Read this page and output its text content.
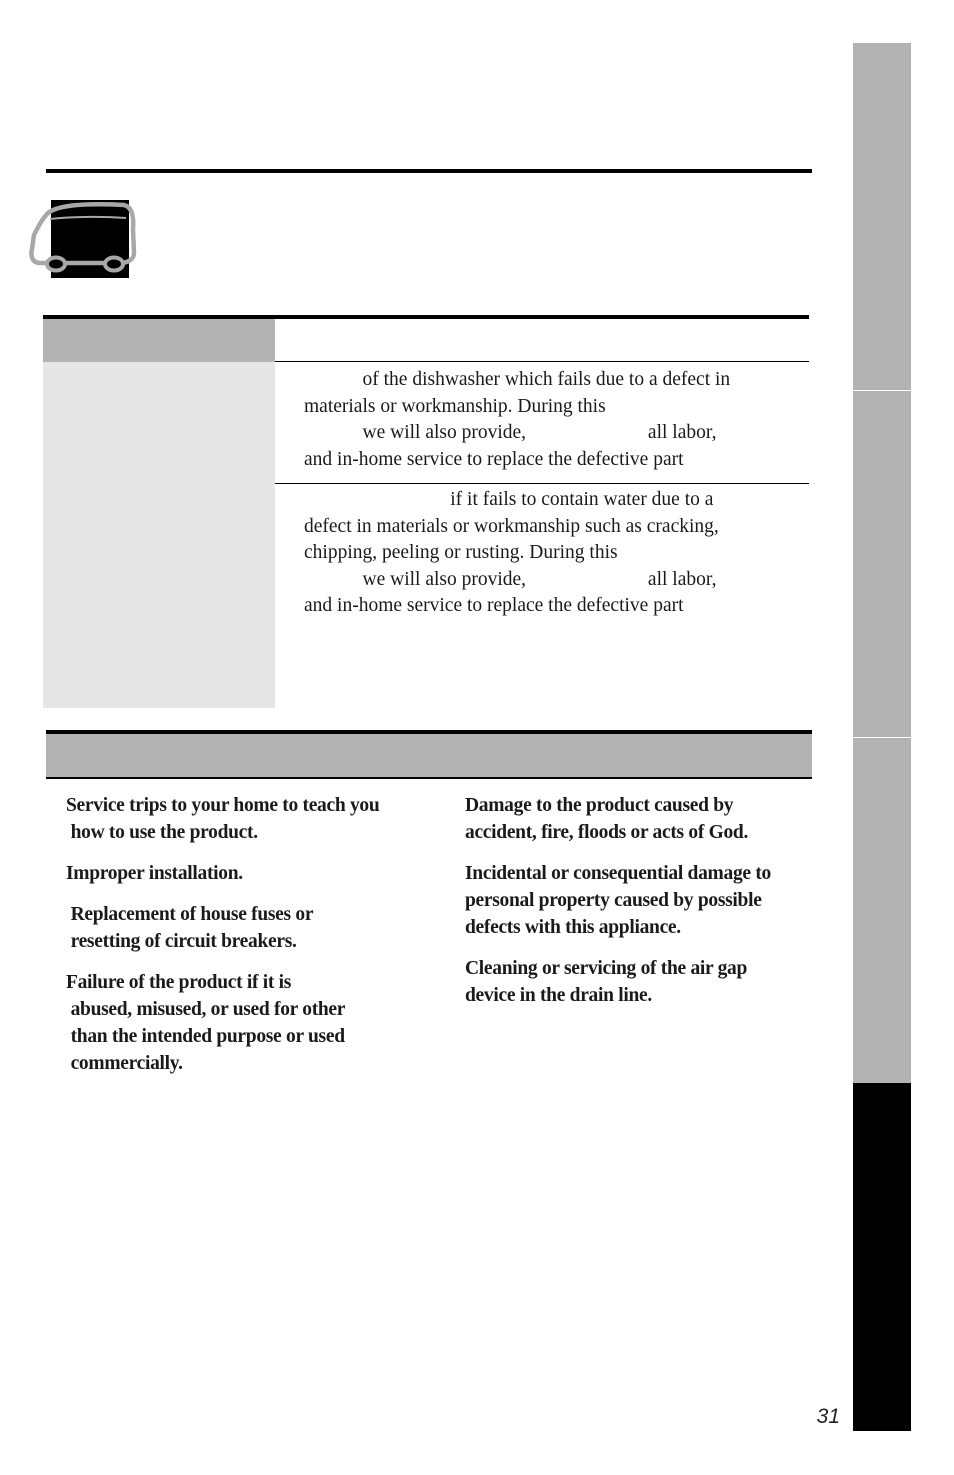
of the dishwasher which fails due to a defect in
materials or workmanship. During this
we will also provide,                         all labor,
and in-home service to replace the defective part
if it fails to contain water due to a
defect in materials or workmanship such as cracking,
chipping, peeling or rusting. During this
we will also provide,                         all labor,
and in-home service to replace the defective part
Service trips to your home to teach you
how to use the product.
Improper installation.
Replacement of house fuses or
resetting of circuit breakers.
Failure of the product if it is
abused, misused, or used for other
than the intended purpose or used
commercially.
Damage to the product caused by
accident, fire, floods or acts of God.
Incidental or consequential damage to
personal property caused by possible
defects with this appliance.
Cleaning or servicing of the air gap
device in the drain line.
31
